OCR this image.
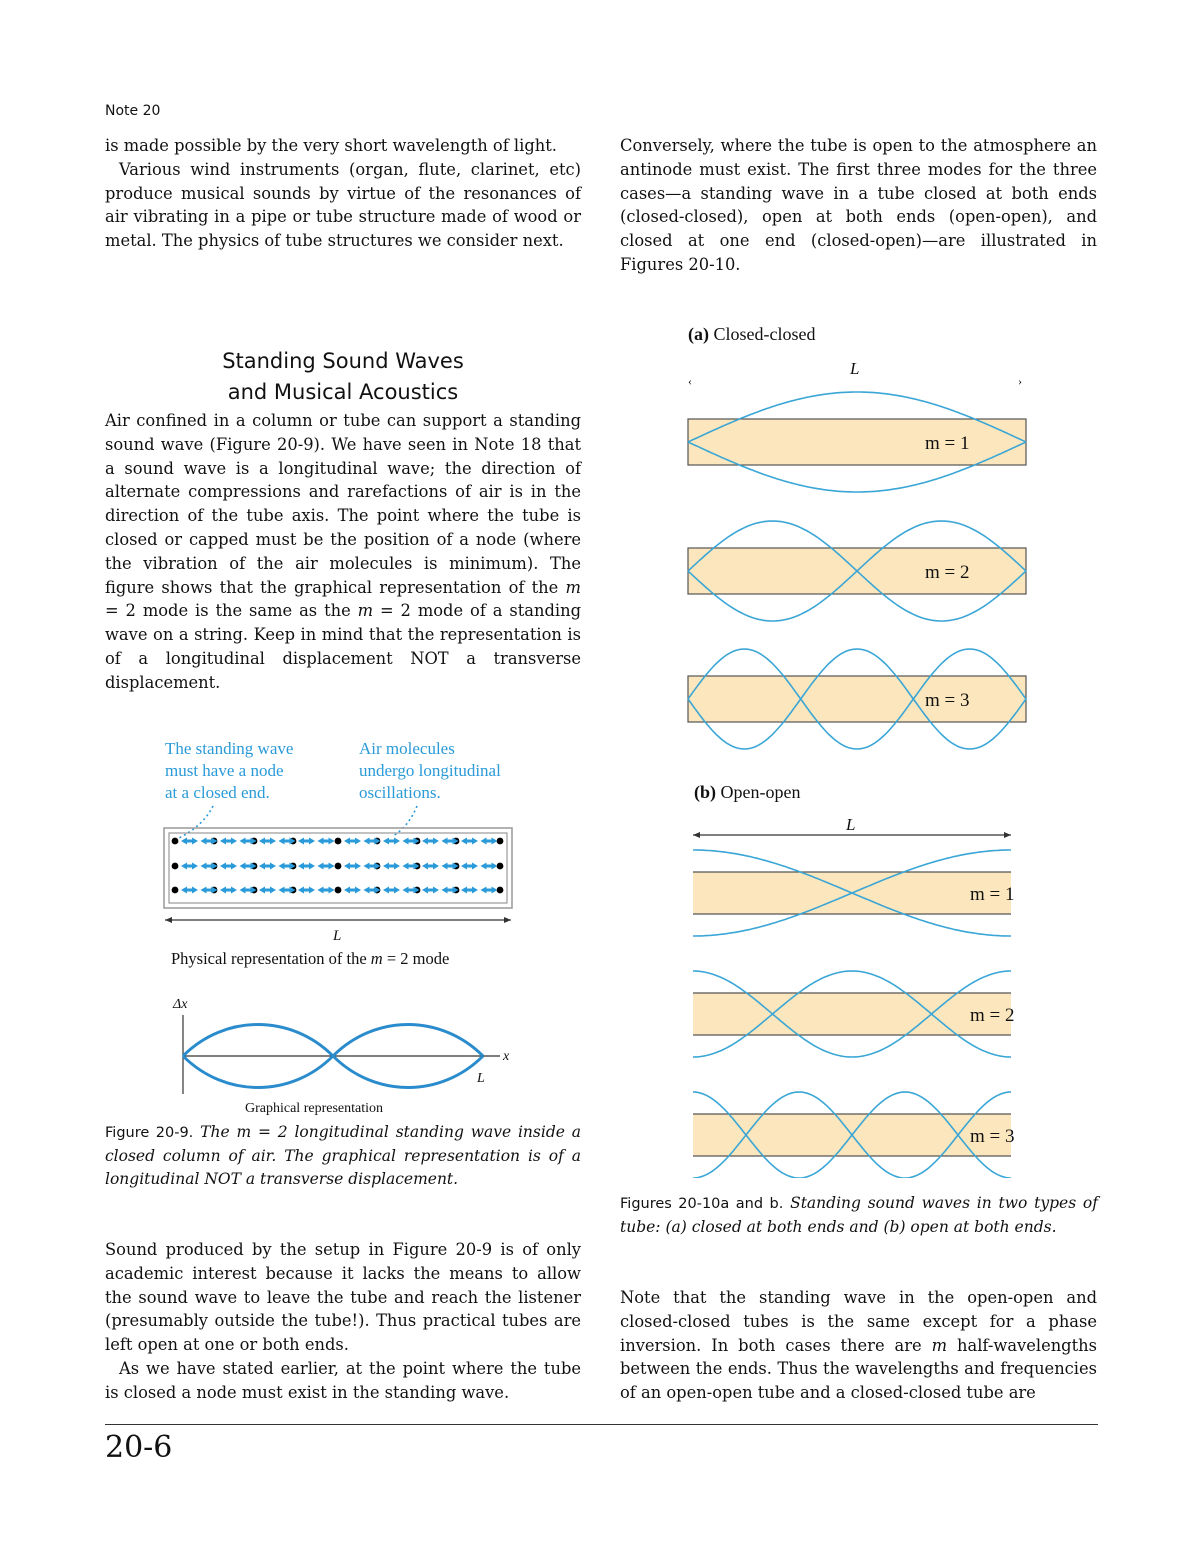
Note 20

is made possible by the very short wavelength of light.

Various wind instruments (organ, flute, clarinet, etc) produce musical sounds by virtue of the resonances of air vibrating in a pipe or tube structure made of wood or metal. The physics of tube structures we consider next.

Standing Sound Waves
and Musical Acoustics

Air confined in a column or tube can support a standing sound wave (Figure 20-9). We have seen in Note 18 that a sound wave is a longitudinal wave; the direction of alternate compressions and rarefactions of air is in the direction of the tube axis. The point where the tube is closed or capped must be the position of a node (where the vibration of the air molecules is minimum). The figure shows that the graphical representation of the m = 2 mode is the same as the m = 2 mode of a standing wave on a string. Keep in mind that the representation is of a longitudinal displacement NOT a transverse displacement.

The standing wave
must have a node
at a closed end.
Air molecules
undergo longitudinal
oscillations.
L
Physical representation of the m = 2 mode
Δx
x
L
Graphical representation
Figure 20-9. The m = 2 longitudinal standing wave inside a closed column of air. The graphical representation is of a longitudinal NOT a transverse displacement.

Sound produced by the setup in Figure 20-9 is of only academic interest because it lacks the means to allow the sound wave to leave the tube and reach the listener (presumably outside the tube!). Thus practical tubes are left open at one or both ends.

As we have stated earlier, at the point where the tube is closed a node must exist in the standing wave.

Conversely, where the tube is open to the atmosphere an antinode must exist. The first three modes for the three cases—a standing wave in a tube closed at both ends (closed-closed), open at both ends (open-open), and closed at one end (closed-open)—are illustrated in Figures 20-10.

(a) Closed-closed
L
‹	›
m = 1
m = 2
m = 3
(b) Open-open
L
m = 1
m = 2
m = 3
Figures 20-10a and b. Standing sound waves in two types of tube: (a) closed at both ends and (b) open at both ends.

Note that the standing wave in the open-open and closed-closed tubes is the same except for a phase inversion. In both cases there are m half-wavelengths between the ends. Thus the wavelengths and frequencies of an open-open tube and a closed-closed tube are

20-6
